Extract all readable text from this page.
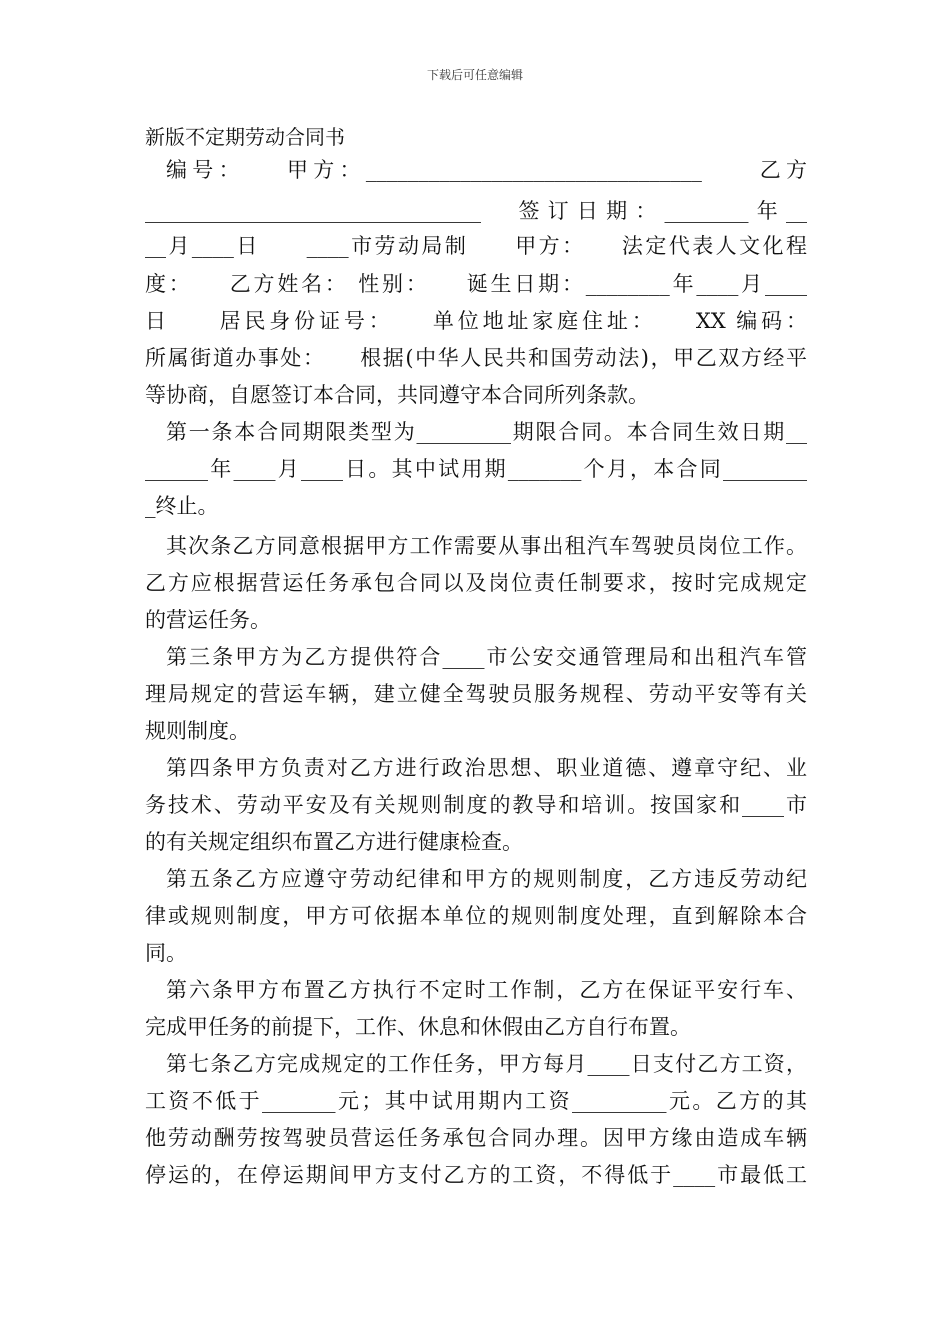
下载后可任意编辑
新版不定期劳动合同书
编号：　　甲方：________________________________　　乙方
________________________________　签订日期：________年__
__月____日　　____市劳动局制　　甲方：　　法定代表人文化程
度：　　乙方姓名： 性别：　　诞生日期：________年____月____
日　　居民身份证号：　　单位地址家庭住址：　　XX 编码：
所属街道办事处：　　根据(中华人民共和国劳动法)，甲乙双方经平
等协商，自愿签订本合同，共同遵守本合同所列条款。
第一条本合同期限类型为_________期限合同。本合同生效日期__
______年____月____日。其中试用期_______个月，本合同________
_终止。
其次条乙方同意根据甲方工作需要从事出租汽车驾驶员岗位工作。
乙方应根据营运任务承包合同以及岗位责任制要求，按时完成规定
的营运任务。
第三条甲方为乙方提供符合____市公安交通管理局和出租汽车管
理局规定的营运车辆，建立健全驾驶员服务规程、劳动平安等有关
规则制度。
第四条甲方负责对乙方进行政治思想、职业道德、遵章守纪、业
务技术、劳动平安及有关规则制度的教导和培训。按国家和____市
的有关规定组织布置乙方进行健康检查。
第五条乙方应遵守劳动纪律和甲方的规则制度，乙方违反劳动纪
律或规则制度，甲方可依据本单位的规则制度处理，直到解除本合
同。
第六条甲方布置乙方执行不定时工作制，乙方在保证平安行车、
完成甲任务的前提下，工作、休息和休假由乙方自行布置。
第七条乙方完成规定的工作任务，甲方每月____日支付乙方工资，
工资不低于_______元；其中试用期内工资_________元。乙方的其
他劳动酬劳按驾驶员营运任务承包合同办理。因甲方缘由造成车辆
停运的，在停运期间甲方支付乙方的工资，不得低于____市最低工
